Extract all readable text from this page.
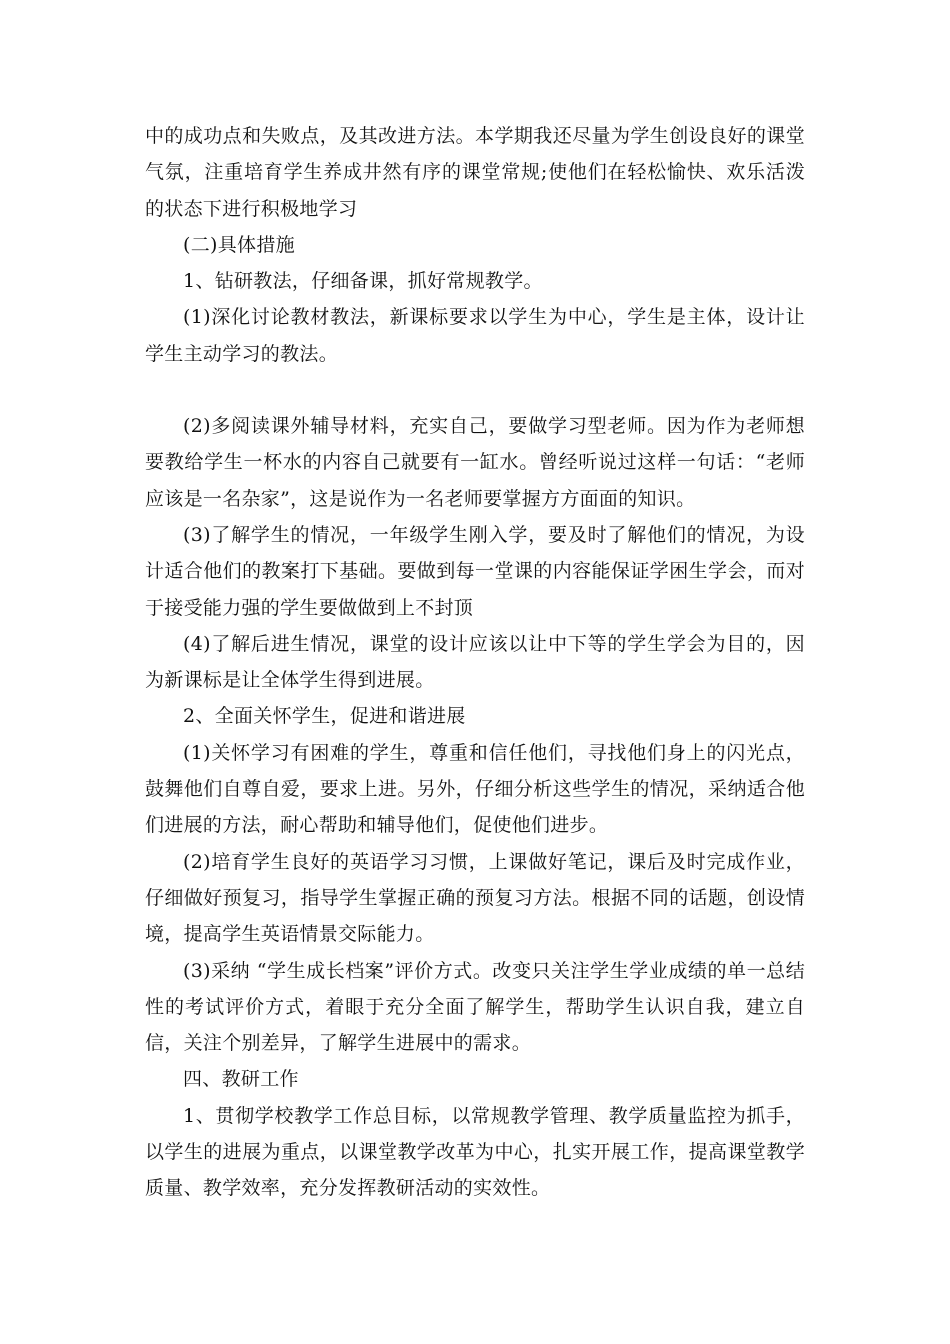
中的成功点和失败点，及其改进方法。本学期我还尽量为学生创设良好的课堂气氛，注重培育学生养成井然有序的课堂常规;使他们在轻松愉快、欢乐活泼的状态下进行积极地学习

(二)具体措施

1、钻研教法，仔细备课，抓好常规教学。

(1)深化讨论教材教法，新课标要求以学生为中心，学生是主体，设计让学生主动学习的教法。

(2)多阅读课外辅导材料，充实自己，要做学习型老师。因为作为老师想要教给学生一杯水的内容自己就要有一缸水。曾经听说过这样一句话：“老师应该是一名杂家”，这是说作为一名老师要掌握方方面面的知识。

(3)了解学生的情况，一年级学生刚入学，要及时了解他们的情况，为设计适合他们的教案打下基础。要做到每一堂课的内容能保证学困生学会，而对于接受能力强的学生要做做到上不封顶

(4)了解后进生情况，课堂的设计应该以让中下等的学生学会为目的，因为新课标是让全体学生得到进展。

2、全面关怀学生，促进和谐进展

(1)关怀学习有困难的学生，尊重和信任他们，寻找他们身上的闪光点，鼓舞他们自尊自爱，要求上进。另外，仔细分析这些学生的情况，采纳适合他们进展的方法，耐心帮助和辅导他们，促使他们进步。

(2)培育学生良好的英语学习习惯，上课做好笔记，课后及时完成作业，仔细做好预复习，指导学生掌握正确的预复习方法。根据不同的话题，创设情境，提高学生英语情景交际能力。

(3)采纳 “学生成长档案”评价方式。改变只关注学生学业成绩的单一总结性的考试评价方式，着眼于充分全面了解学生，帮助学生认识自我，建立自信，关注个别差异，了解学生进展中的需求。

四、教研工作

1、贯彻学校教学工作总目标，以常规教学管理、教学质量监控为抓手，以学生的进展为重点，以课堂教学改革为中心，扎实开展工作，提高课堂教学质量、教学效率，充分发挥教研活动的实效性。
